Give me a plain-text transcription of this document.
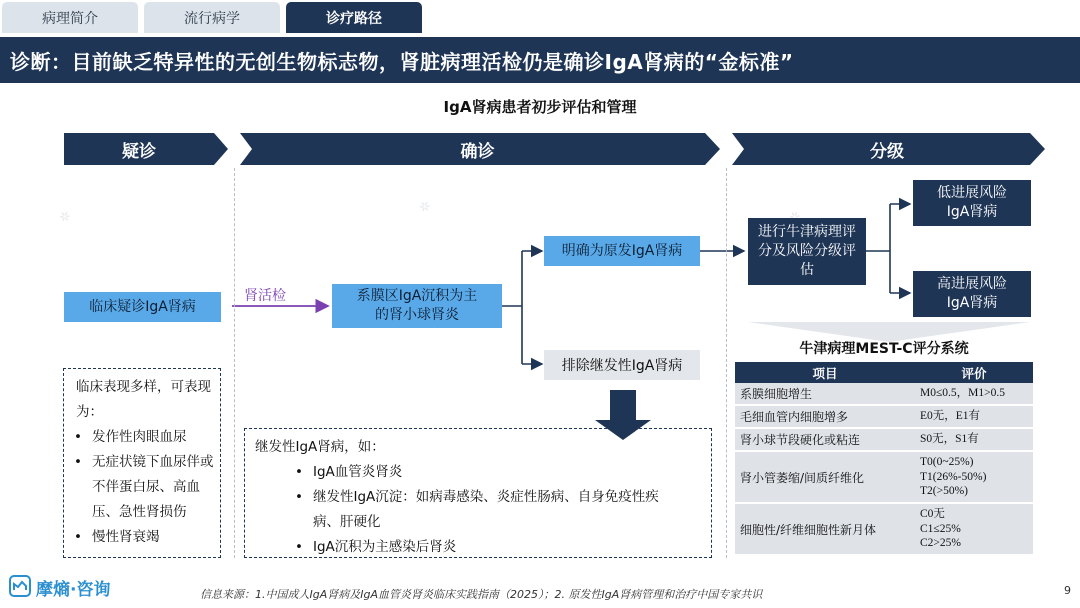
病理简介	流行病学	诊疗路径
诊断：目前缺乏特异性的无创生物标志物，肾脏病理活检仍是确诊IgA肾病的“金标准”
IgA肾病患者初步评估和管理
✲
✲
疑诊	确诊	分级
临床疑诊IgA肾病
肾活检	系膜区IgA沉积为主的肾小球肾炎
明确为原发IgA肾病
排除继发性IgA肾病
进行牛津病理评分及风险分级评估
低进展风险IgA肾病
高进展风险IgA肾病
临床表现多样，可表现为：
• 发作性肉眼血尿
• 无症状镜下血尿伴或不伴蛋白尿、高血压、急性肾损伤
• 慢性肾衰竭
继发性IgA肾病，如：
• IgA血管炎肾炎
• 继发性IgA沉淀：如病毒感染、炎症性肠病、自身免疫性疾病、肝硬化
• IgA沉积为主感染后肾炎
牛津病理MEST-C评分系统
项目	评价
系膜细胞增生	M0≤0.5，M1>0.5
毛细血管内细胞增多	E0无，E1有
肾小球节段硬化或粘连	S0无，S1有
肾小管萎缩/间质纤维化	T0(0~25%)
T1(26%-50%)
T2(>50%)

细胞性/纤维细胞性新月体	C0无
C1≤25%
C2>25%
摩熵·咨询	信息来源：1.中国成人IgA肾病及IgA血管炎肾炎临床实践指南（2025）；2. 原发性IgA肾病管理和治疗中国专家共识	9
